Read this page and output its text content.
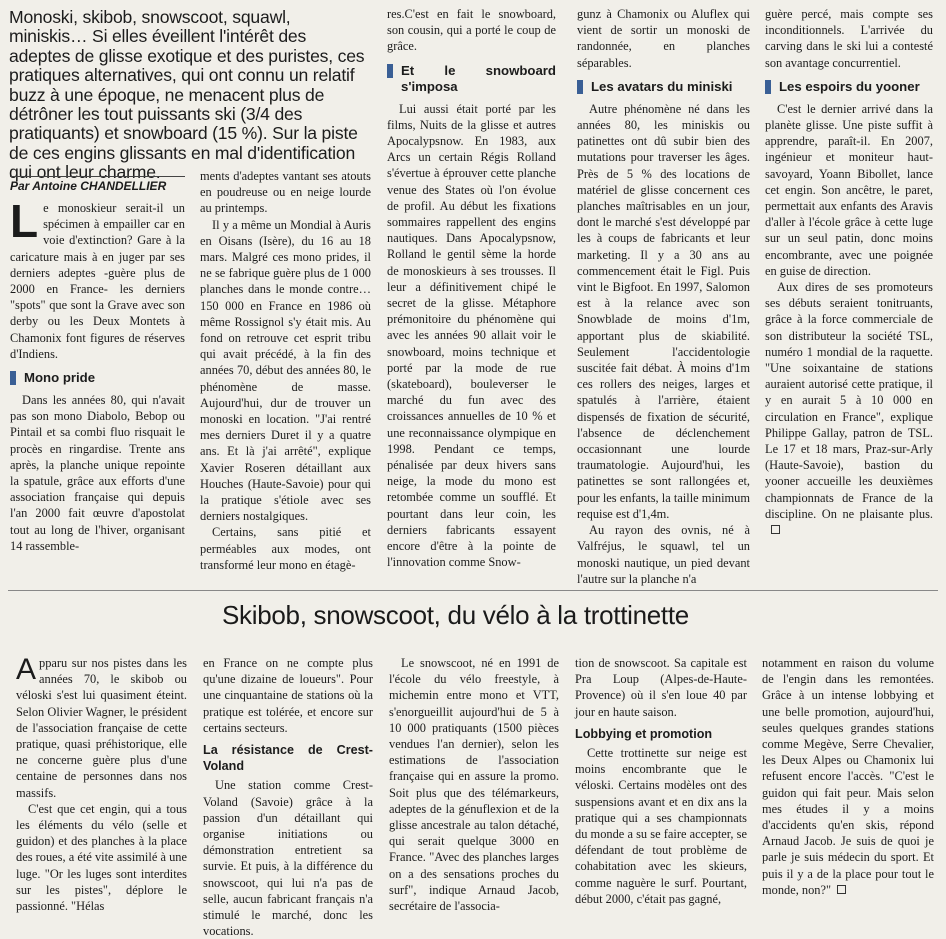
Monoski, skibob, snowscoot, squawl, miniskis… Si elles éveillent l'intérêt des adeptes de glisse exotique et des puristes, ces pratiques alternatives, qui ont connu un relatif buzz à une époque, ne menacent plus de détrôner les tout puissants ski (3/4 des pratiquants) et snowboard (15 %). Sur la piste de ces engins glissants en mal d'identification qui ont leur charme.
Par Antoine CHANDELLIER

Le monoskieur serait-il un spécimen à empailler car en voie d'extinction? Gare à la caricature mais à en juger par ses derniers adeptes -guère plus de 2000 en France- les derniers "spots" que sont la Grave avec son derby ou les Deux Montets à Chamonix font figures de réserves d'Indiens.

Mono pride

Dans les années 80, qui n'avait pas son mono Diabolo, Bebop ou Pintail et sa combi fluo risquait le procès en ringardise. Trente ans après, la planche unique repointe la spatule, grâce aux efforts d'une association française qui depuis l'an 2000 fait œuvre d'apostolat tout au long de l'hiver, organisant 14 rassemble-

ments d'adeptes vantant ses atouts en poudreuse ou en neige lourde au printemps.

Il y a même un Mondial à Auris en Oisans (Isère), du 16 au 18 mars. Malgré ces mono prides, il ne se fabrique guère plus de 1 000 planches dans le monde contre… 150 000 en France en 1986 où même Rossignol s'y était mis. Au fond on retrouve cet esprit tribu qui avait précédé, à la fin des années 70, début des années 80, le phénomène de masse. Aujourd'hui, dur de trouver un monoski en location. "J'ai rentré mes derniers Duret il y a quatre ans. Et là j'ai arrêté", explique Xavier Roseren détaillant aux Houches (Haute-Savoie) pour qui la pratique s'étiole avec ses derniers nostalgiques.

Certains, sans pitié et perméables aux modes, ont transformé leur mono en étagè-

res.C'est en fait le snowboard, son cousin, qui a porté le coup de grâce.

Et le snowboard s'imposa

Lui aussi était porté par les films, Nuits de la glisse et autres Apocalypsnow. En 1983, aux Arcs un certain Régis Rolland s'évertue à éprouver cette planche venue des States où l'on évolue de profil. Au début les fixations sommaires rappellent des engins nautiques. Dans Apocalypsnow, Rolland le gentil sème la horde de monoskieurs à ses trousses. Il leur a définitivement chipé le secret de la glisse. Métaphore prémonitoire du phénomène qui avec les années 90 allait voir le snowboard, moins technique et porté par la mode de rue (skateboard), bouleverser le marché du fun avec des croissances annuelles de 10 % et une reconnaissance olympique en 1998. Pendant ce temps, pénalisée par deux hivers sans neige, la mode du mono est retombée comme un soufflé. Et pourtant dans leur coin, les derniers fabricants essayent encore d'être à la pointe de l'innovation comme Snow-

gunz à Chamonix ou Aluflex qui vient de sortir un monoski de randonnée, en planches séparables.

Les avatars du miniski

Autre phénomène né dans les années 80, les miniskis ou patinettes ont dû subir bien des mutations pour traverser les âges. Près de 5 % des locations de matériel de glisse concernent ces planches maîtrisables en un jour, dont le marché s'est développé par les à coups de fabricants et leur marketing. Il y a 30 ans au commencement était le Figl. Puis vint le Bigfoot. En 1997, Salomon est à la relance avec son Snowblade de moins d'1m, apportant plus de skiabilité. Seulement l'accidentologie suscitée fait débat. À moins d'1m ces rollers des neiges, larges et spatulés à l'arrière, étaient dispensés de fixation de sécurité, l'absence de déclenchement occasionnant une lourde traumatologie. Aujourd'hui, les patinettes se sont rallongées et, pour les enfants, la taille minimum requise est d'1,4m.

Au rayon des ovnis, né à Valfréjus, le squawl, tel un monoski nautique, un pied devant l'autre sur la planche n'a

guère percé, mais compte ses inconditionnels. L'arrivée du carving dans le ski lui a contesté son avantage concurrentiel.

Les espoirs du yooner

C'est le dernier arrivé dans la planète glisse. Une piste suffit à apprendre, paraît-il. En 2007, ingénieur et moniteur haut-savoyard, Yoann Bibollet, lance cet engin. Son ancêtre, le paret, permettait aux enfants des Aravis d'aller à l'école grâce à cette luge sur un seul patin, donc moins encombrante, avec une poignée en guise de direction.

Aux dires de ses promoteurs ses débuts seraient tonitruants, grâce à la force commerciale de son distributeur la société TSL, numéro 1 mondial de la raquette. "Une soixantaine de stations auraient autorisé cette pratique, il y en aurait 5 à 10 000 en circulation en France", explique Philippe Gallay, patron de TSL. Le 17 et 18 mars, Praz-sur-Arly (Haute-Savoie), bastion du yooner accueille les deuxièmes championnats de France de la discipline. On ne plaisante plus.

Skibob, snowscoot, du vélo à la trottinette

Apparu sur nos pistes dans les années 70, le skibob ou véloski s'est lui quasiment éteint. Selon Olivier Wagner, le président de l'association française de cette pratique, quasi préhistorique, elle ne concerne guère plus d'une centaine de personnes dans nos massifs.

C'est que cet engin, qui a tous les éléments du vélo (selle et guidon) et des planches à la place des roues, a été vite assimilé à une luge. "Or les luges sont interdites sur les pistes", déplore le passionné. "Hélas

en France on ne compte plus qu'une dizaine de loueurs". Pour une cinquantaine de stations où la pratique est tolérée, et encore sur certains secteurs.

La résistance de Crest-Voland

Une station comme Crest-Voland (Savoie) grâce à la passion d'un détaillant qui organise initiations ou démonstration entretient sa survie. Et puis, à la différence du snowscoot, qui lui n'a pas de selle, aucun fabricant français n'a stimulé le marché, donc les vocations.

Le snowscoot, né en 1991 de l'école du vélo freestyle, à michemin entre mono et VTT, s'enorgueillit aujourd'hui de 5 à 10 000 pratiquants (1500 pièces vendues l'an dernier), selon les estimations de l'association française qui en assure la promo. Soit plus que des télémarkeurs, adeptes de la génuflexion et de la glisse ancestrale au talon détaché, qui serait quelque 3000 en France. "Avec des planches larges on a des sensations proches du surf", indique Arnaud Jacob, secrétaire de l'associa-

tion de snowscoot. Sa capitale est Pra Loup (Alpes-de-Haute-Provence) où il s'en loue 40 par jour en haute saison.

Lobbying et promotion

Cette trottinette sur neige est moins encombrante que le véloski. Certains modèles ont des suspensions avant et en dix ans la pratique qui a ses championnats du monde a su se faire accepter, se défendant de tout problème de cohabitation avec les skieurs, comme naguère le surf. Pourtant, début 2000, c'était pas gagné,

notamment en raison du volume de l'engin dans les remontées. Grâce à un intense lobbying et une belle promotion, aujourd'hui, seules quelques grandes stations comme Megève, Serre Chevalier, les Deux Alpes ou Chamonix lui refusent encore l'accès. "C'est le guidon qui fait peur. Mais selon mes études il y a moins d'accidents qu'en skis, répond Arnaud Jacob. Je suis de quoi je parle je suis médecin du sport. Et puis il y a de la place pour tout le monde, non?"
